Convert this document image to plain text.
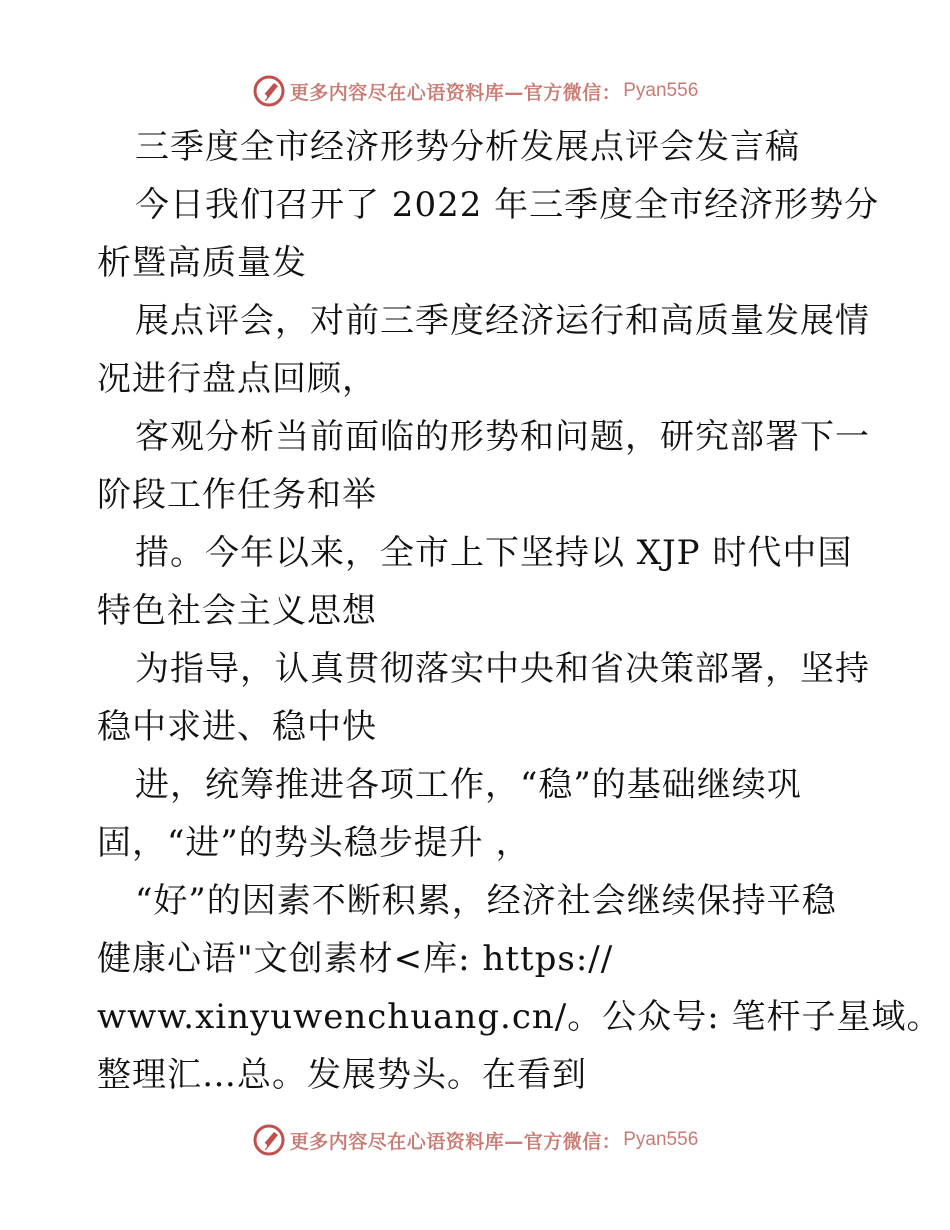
更多内容尽在心语资料库—官方微信： Pyan556
三季度全市经济形势分析发展点评会发言稿
今日我们召开了 2022 年三季度全市经济形势分
析暨高质量发
展点评会，对前三季度经济运行和高质量发展情
况进行盘点回顾，
客观分析当前面临的形势和问题，研究部署下一
阶段工作任务和举
措。今年以来，全市上下坚持以 XJP 时代中国
特色社会主义思想
为指导，认真贯彻落实中央和省决策部署，坚持
稳中求进、稳中快
进，统筹推进各项工作，“稳”的基础继续巩
固，“进”的势头稳步提升 ，
“好”的因素不断积累，经济社会继续保持平稳
健康心语"文创素材<库: https://
www.xinyuwenchuang.cn/。公众号: 笔杆子星域。
整理汇…总。发展势头。在看到
更多内容尽在心语资料库—官方微信： Pyan556
